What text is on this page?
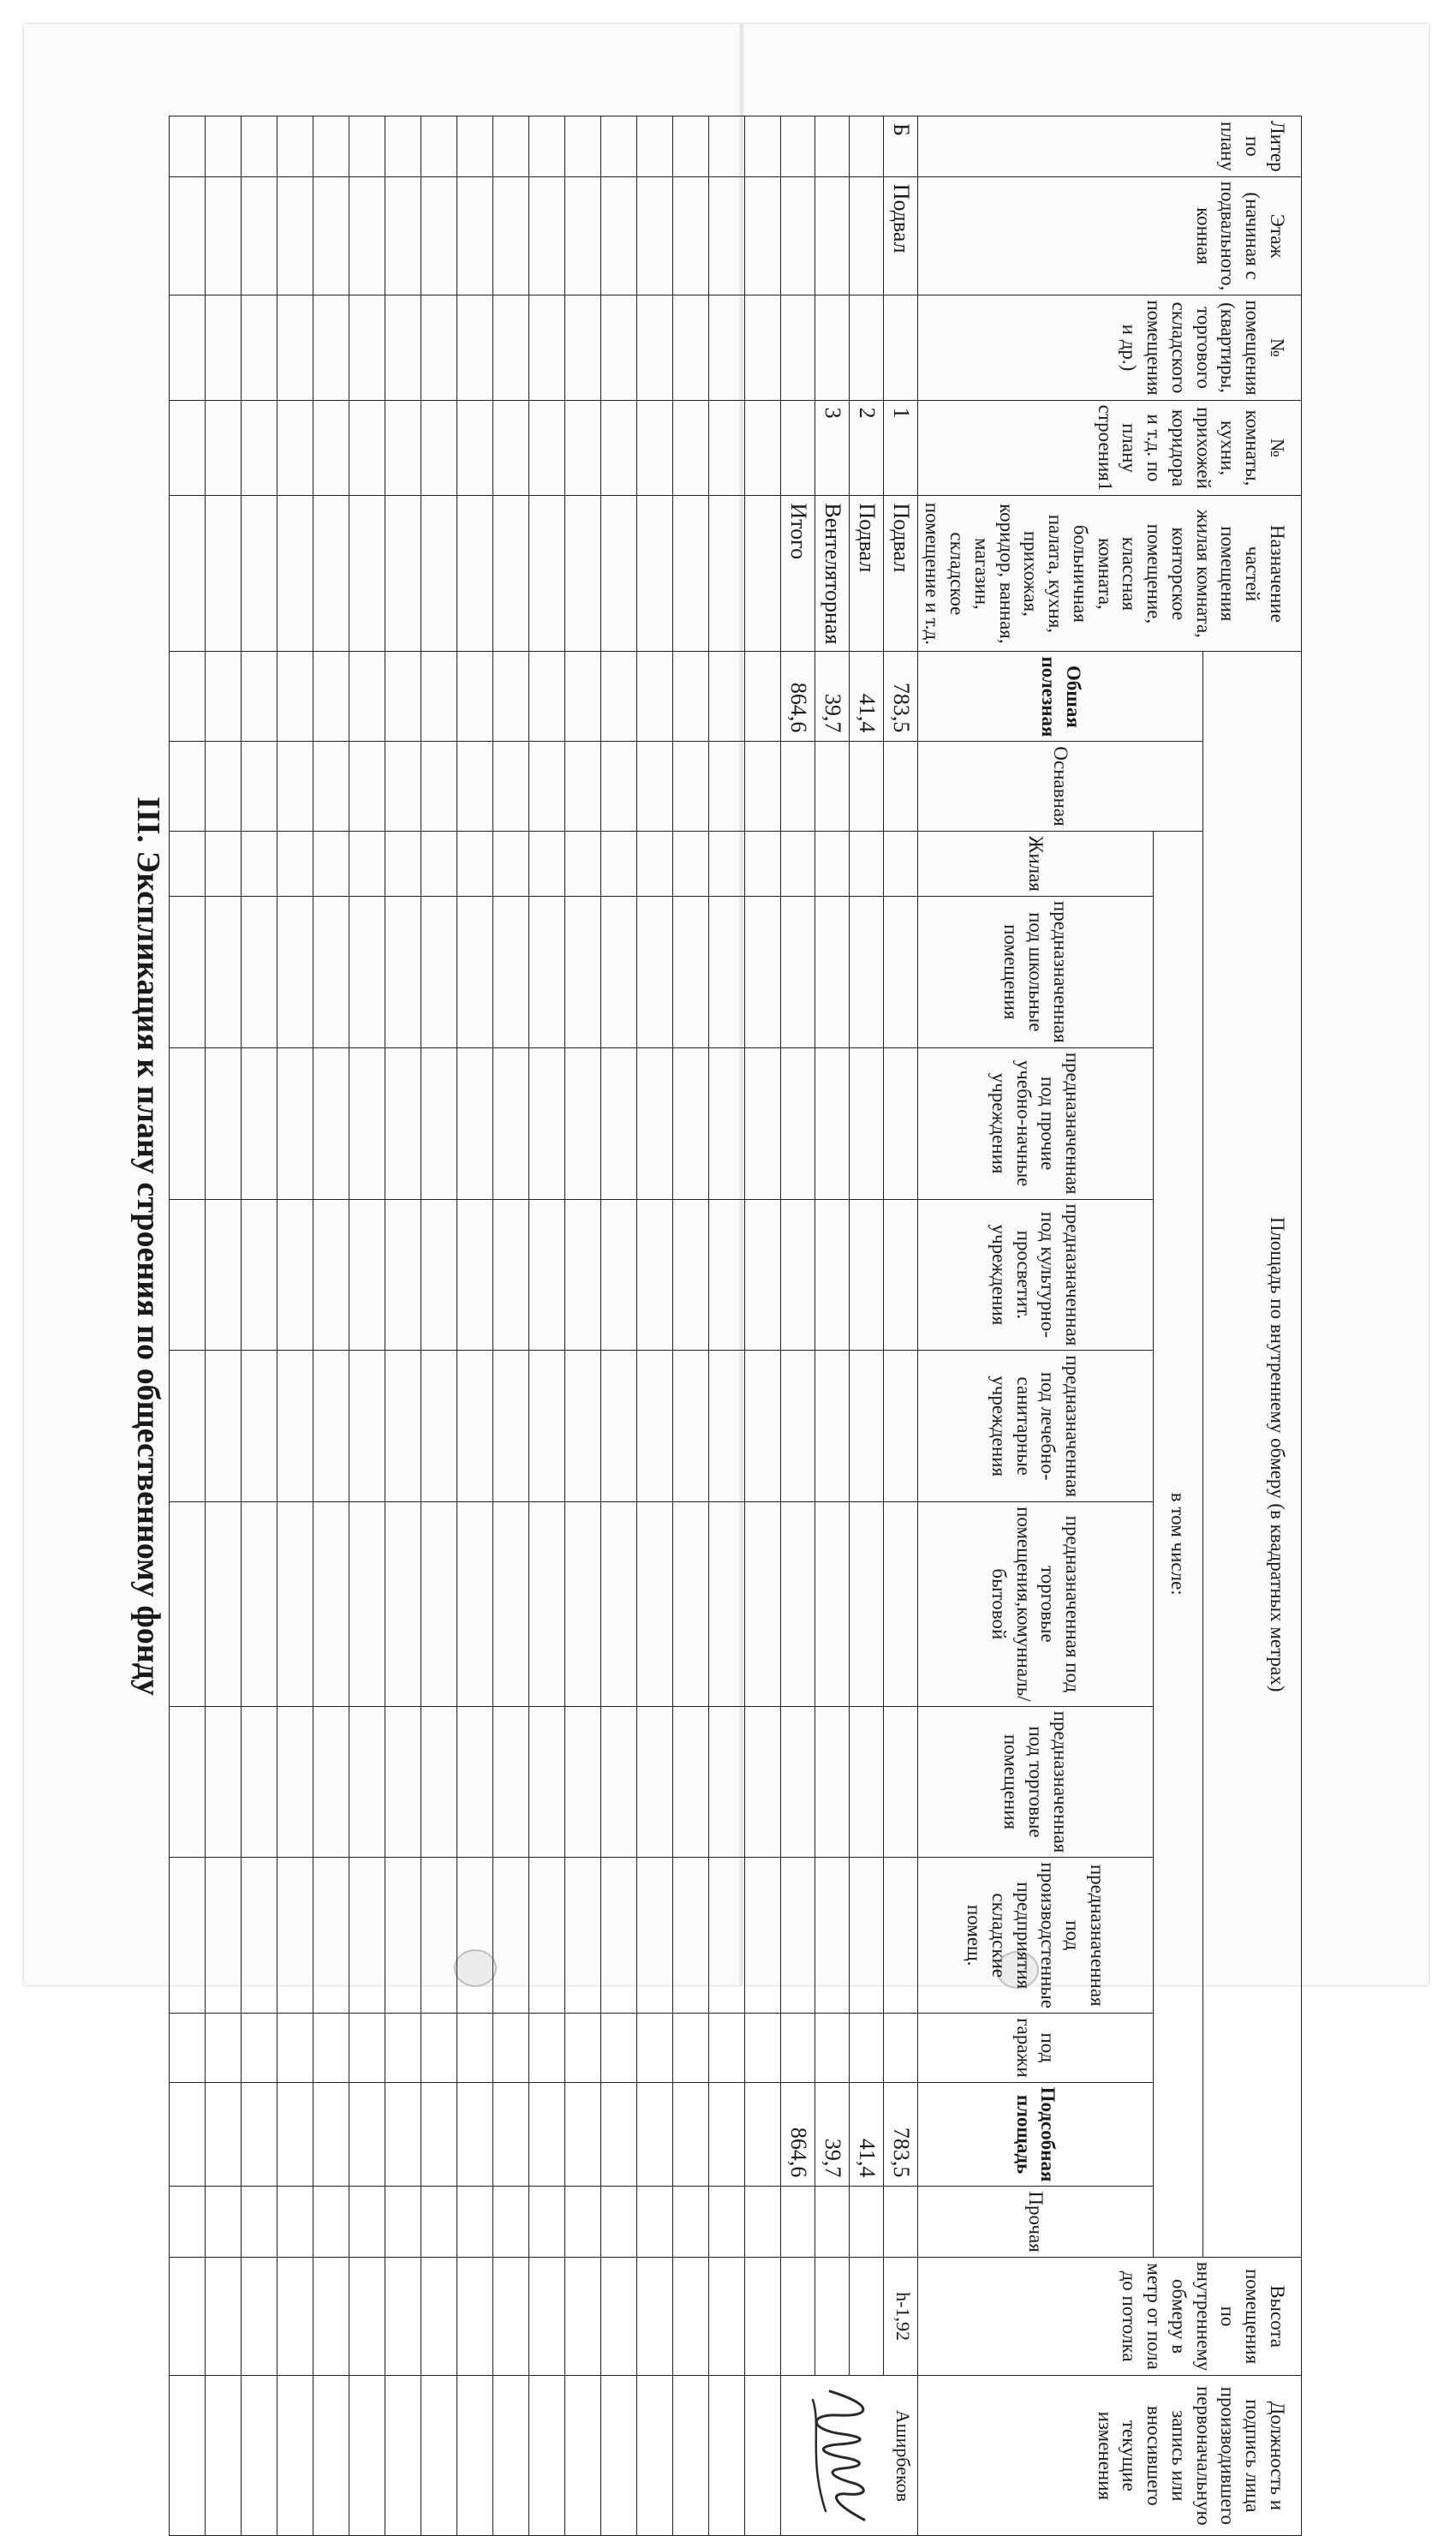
III. Экспликация к плану строения по общественному фонду
Литер по плану	Этаж (начиная с подвального, конная	№ помещения (квартиры, торгового складского помещения и др.)	№ комнаты, кухни, прихожей коридора и т.д. по плану строения1	Назначение частей помещения жилая комната, конторское помещение, классная комната, больничная палата, кухня, прихожая, коридор, ванная, магазин, складское помещение и т.д.	Площадь по внутреннему обмеру (в квадратных метрах)													Высота помещения по внутреннему обмеру в метр от пола до потолка	Должность и подпись лица производившего первоначальную запись или вносившего текущие изменения
					Обшая полезная	Оснавная	в том числе:												
							Жилая	предназначенная под школьные помещения	предназначенная под прочие учебно-начные учреждения	предназначенная под культурно-просветит. учреждения	предназначенная под лечебно-санитарные учреждения	предназначенная под торговые помещения,комунналь/бытовой	предназначенная под торговые помещения	предназначенная под производстенные предприятия складские помещ.	под гаражи	Подсобная площадь	Прочая		
Б	Подвал		1	Подвал	783,5											783,5		h-1,92	Аширбеков

			2	Подвал	41,4											41,4			
			3	Вентеляторная	39,7											39,7			
				Итого	864,6											864,6			
